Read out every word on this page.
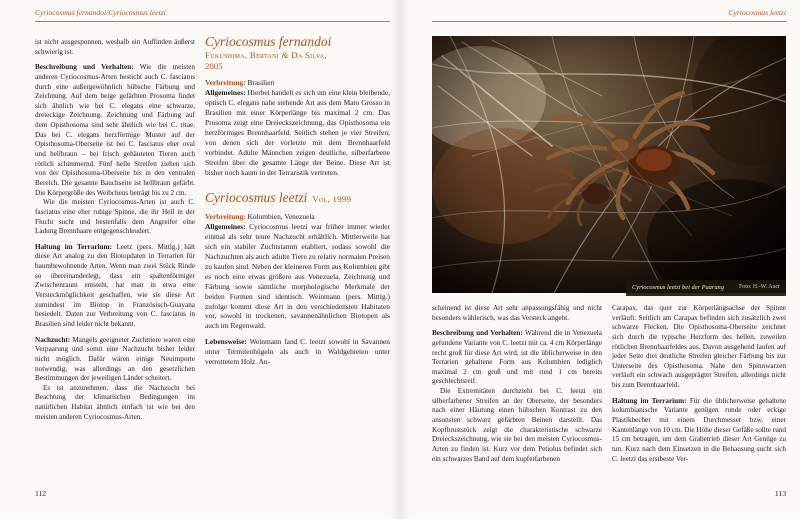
Cyriocosmus fernandoi/Cyriocosmus leetzi	Cyriocosmus leetzi

ist nicht ausgesponnen, weshalb ein Auffinden äußerst schwierig ist.

Beschreibung und Verhalten: Wie die meisten anderen Cyriocosmus-Arten besticht auch C. fasciatus durch eine außergewöhnlich hübsche Färbung und Zeichnung. Auf dem beige gefärbten Prosoma findet sich ähnlich wie bei C. elegans eine schwarze, dreieckige Zeichnung. Zeichnung und Färbung auf dem Opisthosoma sind sehr ähnlich wie bei C. ritae. Das bei C. elegans herzförmige Muster auf der Opisthosoma-Oberseite ist bei C. fasciatus eher oval und hellbraun – bei frisch gehäuteten Tieren auch rötlich schimmernd. Fünf helle Streifen ziehen sich von der Opisthosoma-Oberseite bis in den ventralen Bereich. Die gesamte Bauchseite ist hellbraun gefärbt. Die Körpergröße des Weibchens beträgt bis zu 2 cm.

Wie die meisten Cyriocosmus-Arten ist auch C. fasciatus eine eher ruhige Spinne, die ihr Heil in der Flucht sucht und bestenfalls dem Angreifer eine Ladung Brennhaare entgegenschleudert.

Haltung im Terrarium: Leetz (pers. Mittlg.) hält diese Art analog zu den Biotopdaten in Terrarien für baumbewohnende Arten. Wenn man zwei Stück Rinde so übereinanderlegt, dass ein spaltenförmiger Zwischenraum entsteht, hat man in etwa eine Versteckmöglichkeit geschaffen, wie sie diese Art zumindest im Biotop in Französisch-Guayana besiedelt. Daten zur Verbreitung von C. fasciatus in Brasilien sind leider nicht bekannt.

Nachzucht: Mangels geeigneter Zuchttiere waren eine Verpaarung und somit eine Nachzucht bisher leider nicht möglich. Dafür wären einige Neuimporte notwendig, was allerdings an den gesetzlichen Bestimmungen der jeweiligen Länder scheitert.

Es ist anzunehmen, dass die Nachzucht bei Beachtung der klimatischen Bedingungen im natürlichen Habitat ähnlich einfach ist wie bei den meisten anderen Cyriocosmus-Arten.

Cyriocosmus fernandoi
Fukushima, Bertani & Da Silva,
2005

Verbreitung: Brasilien

Allgemeines: Hierbei handelt es sich um eine klein bleibende, optisch C. elegans nahe stehende Art aus dem Mato Grosso in Brasilien mit einer Körperlänge bis maximal 2 cm. Das Prosoma zeigt eine Dreieckszeichnung, das Opisthosoma ein herzförmiges Brennhaarfeld. Seitlich stehen je vier Streifen, von denen sich der vorletzte mit dem Brennhaarfeld verbindet. Adulte Männchen zeigen deutliche, silberfarbene Streifen über die gesamte Länge der Beine. Diese Art ist bisher noch kaum in der Terraristik vertreten.

Cyriocosmus leetzi Vol, 1999

Verbreitung: Kolumbien, Venezuela

Allgemeines: Cyriocosmus leetzi war früher immer wieder einmal als sehr teure Nachzucht erhältlich. Mittlerweile hat sich ein stabiler Zuchtstamm etabliert, sodass sowohl die Nachzuchten als auch adulte Tiere zu relativ normalen Preisen zu kaufen sind. Neben der kleineren Form aus Kolumbien gibt es noch eine etwas größere aus Venezuela. Zeichnung und Färbung sowie sämtliche morphologische Merkmale der beiden Formen sind identisch. Weinmann (pers. Mittlg.) zufolge kommt diese Art in den verschiedensten Habitaten vor, sowohl in trockenen, savannenähnlichen Biotopen als auch im Regenwald.

Lebensweise: Weinmann fand C. leetzi sowohl in Savannen unter Termitenhügeln als auch in Waldgebieten unter verrottetem Holz. An-

Cyriocosmus leetzi bei der Paarung	Foto: H.-W. Auer

scheinend ist diese Art sehr anpassungsfähig und nicht besonders wählerisch, was das Versteck angeht.

Beschreibung und Verhalten: Während die in Venezuela gefundene Variante von C. leetzi mit ca. 4 cm Körperlänge recht groß für diese Art wird, ist die üblicherweise in den Terrarien gehaltene Form aus Kolumbien lediglich maximal 2 cm groß und mit rund 1 cm bereits geschlechtsreif.

Die Extremitäten durchzieht bei C. leetzi ein silberfarbener Streifen an der Oberseite, der besonders nach einer Häutung einen hübschen Kontrast zu den ansonsten schwarz gefärbten Beinen darstellt. Das Kopfbruststück zeigt die charakteristische schwarze Dreieckszeichnung, wie sie bei den meisten Cyriocosmus-Arten zu finden ist. Kurz vor dem Petiolus befindet sich ein schwarzes Band auf dem kupferfarbenen

Carapax, das quer zur Körperlängsachse der Spinne verläuft. Seitlich am Carapax befinden sich zusätzlich zwei schwarze Flecken. Die Opisthosoma-Oberseite zeichnet sich durch die typische Herzform des hellen, zuweilen rötlichen Brennhaarfeldes aus. Davon ausgehend laufen auf jeder Seite drei deutliche Streifen gleicher Färbung bis zur Unterseite des Opisthosoma. Nahe den Spinnwarzen verläuft ein schwach ausgeprägter Streifen, allerdings nicht bis zum Brennhaarfeld.

Haltung im Terrarium: Für die üblicherweise gehaltene kolumbianische Variante genügen runde oder eckige Plastikbecher mit einem Durchmesser bzw. einer Kantenlänge von 10 cm. Die Höhe dieser Gefäße sollte rund 15 cm betragen, um dem Grabetrieb dieser Art Genüge zu tun. Kurz nach dem Einsetzen in die Behausung sucht sich C. leetzi das erstbeste Ver-

112	113
